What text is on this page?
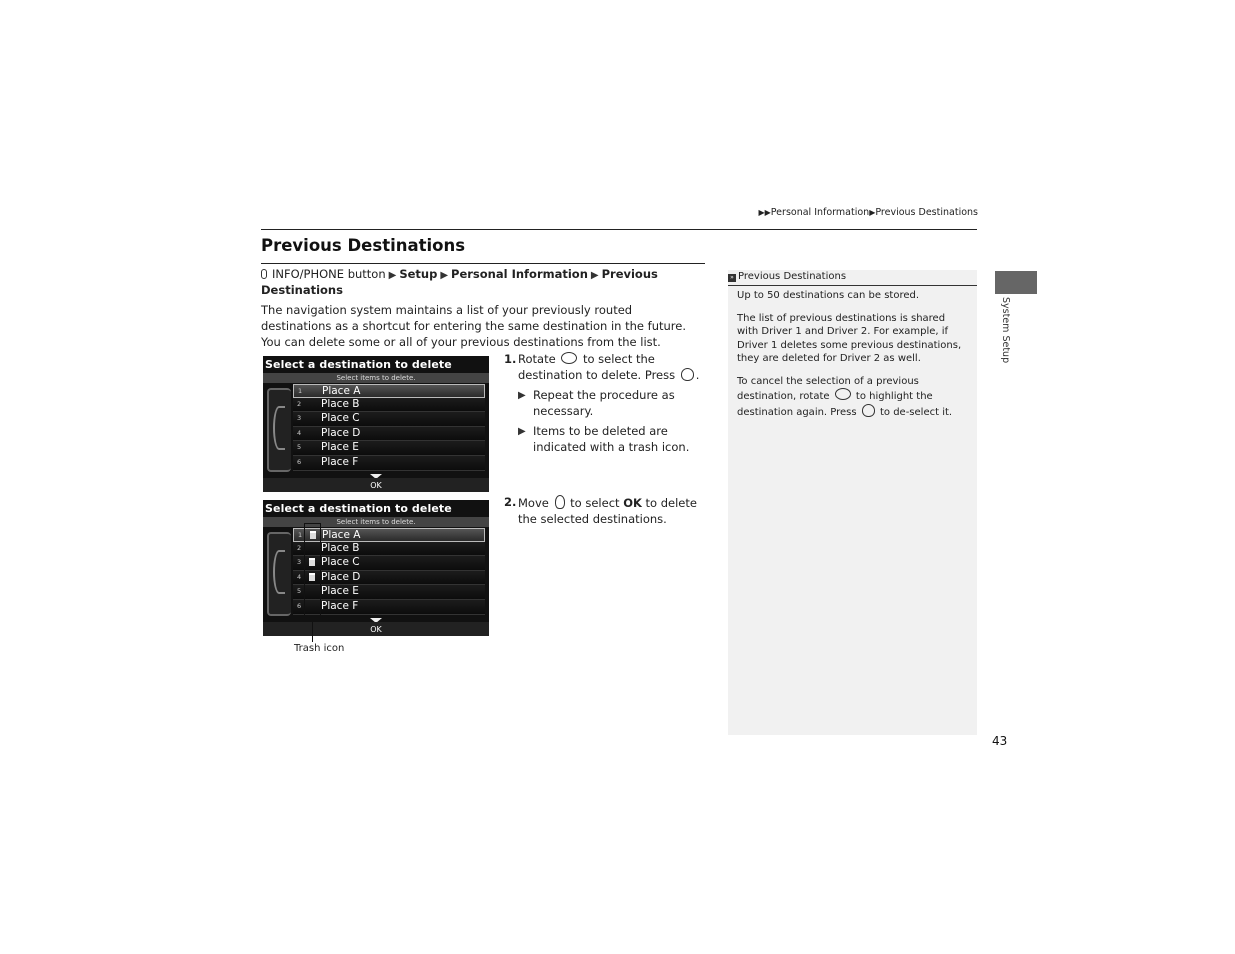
▶▶Personal Information▶Previous Destinations
Previous Destinations
INFO/PHONE button ▶ Setup ▶ Personal Information ▶ Previous Destinations
The navigation system maintains a list of your previously routed destinations as a shortcut for entering the same destination in the future. You can delete some or all of your previous destinations from the list.
Select a destination to delete
Select items to delete.
1	Place A
2	Place B
3	Place C
4	Place D
5	Place E
6	Place F
OK
Select a destination to delete
Select items to delete.
1	Place A
2	Place B
3	Place C
4	Place D
5	Place E
6	Place F
OK
Trash icon
1. Rotate to select the destination to delete. Press .
▶ Repeat the procedure as necessary.
▶ Items to be deleted are indicated with a trash icon.
2. Move to select OK to delete the selected destinations.
» Previous Destinations

Up to 50 destinations can be stored.

The list of previous destinations is shared with Driver 1 and Driver 2. For example, if Driver 1 deletes some previous destinations, they are deleted for Driver 2 as well.

To cancel the selection of a previous destination, rotate	to highlight the destination again. Press to de-select it.

System Setup
43
